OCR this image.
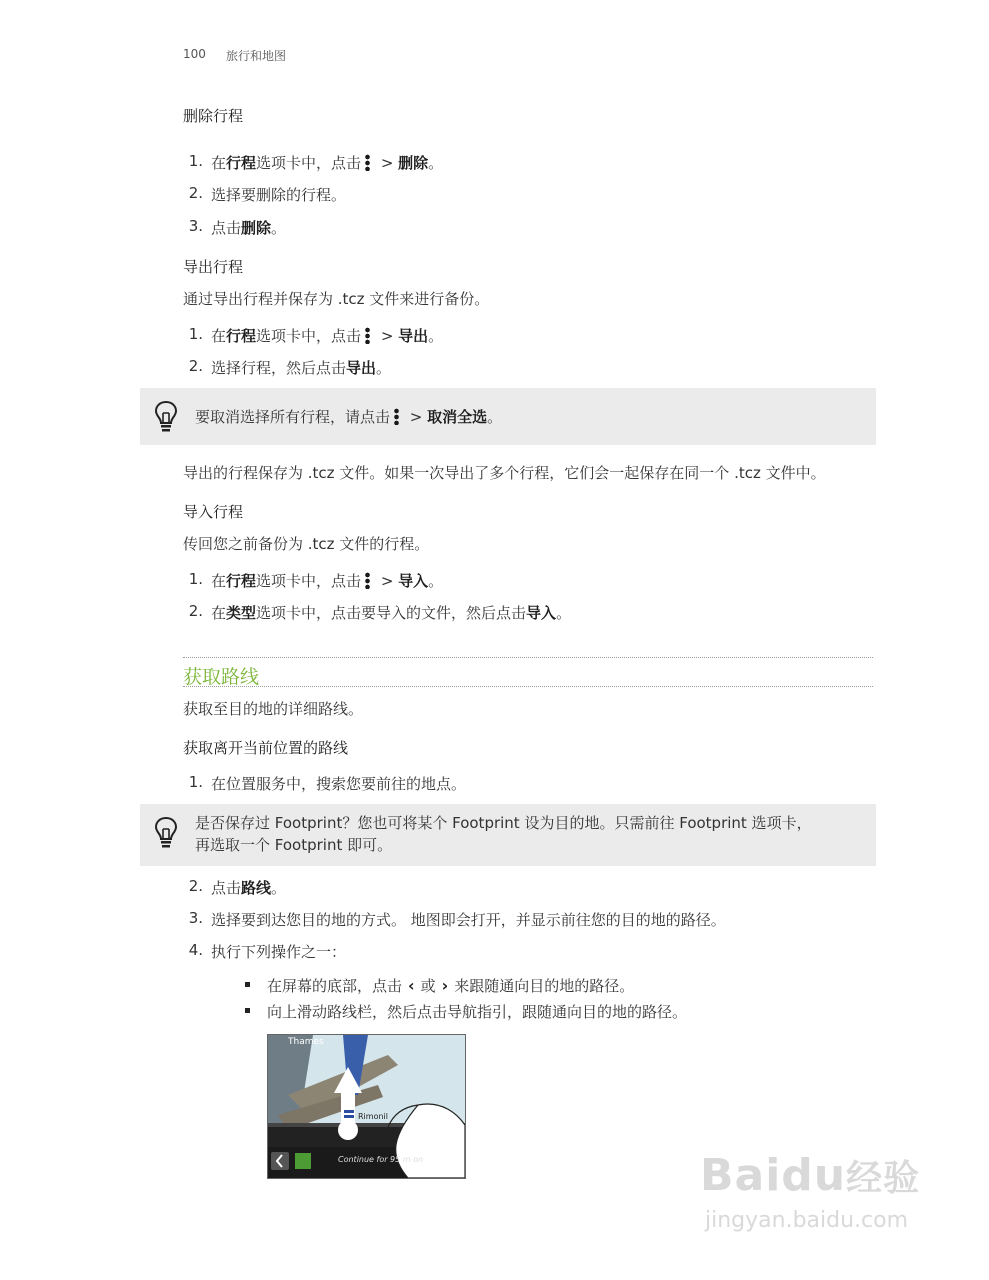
100 旅行和地图
删除行程
1. 在行程选项卡中，点击 > 删除。
2. 选择要删除的行程。
3. 点击删除。
导出行程
通过导出行程并保存为 .tcz 文件来进行备份。
1. 在行程选项卡中，点击 > 导出。
2. 选择行程，然后点击导出。
要取消选择所有行程，请点击 > 取消全选。
导出的行程保存为 .tcz 文件。如果一次导出了多个行程，它们会一起保存在同一个 .tcz 文件中。
导入行程
传回您之前备份为 .tcz 文件的行程。
1. 在行程选项卡中，点击 > 导入。
2. 在类型选项卡中，点击要导入的文件，然后点击导入。
获取路线
获取至目的地的详细路线。
获取离开当前位置的路线
1. 在位置服务中，搜索您要前往的地点。
是否保存过 Footprint？您也可将某个 Footprint 设为目的地。只需前往 Footprint 选项卡，
再选取一个 Footprint 即可。
2. 点击路线。
3. 选择要到达您目的地的方式。 地图即会打开，并显示前往您的目的地的路径。
4. 执行下列操作之一：
在屏幕的底部，点击 ‹ 或 › 来跟随通向目的地的路径。
向上滑动路线栏，然后点击导航指引，跟随通向目的地的路径。
Thames
Rimonil
Continue for 95 m on	Baidu经验
jingyan.baidu.com
